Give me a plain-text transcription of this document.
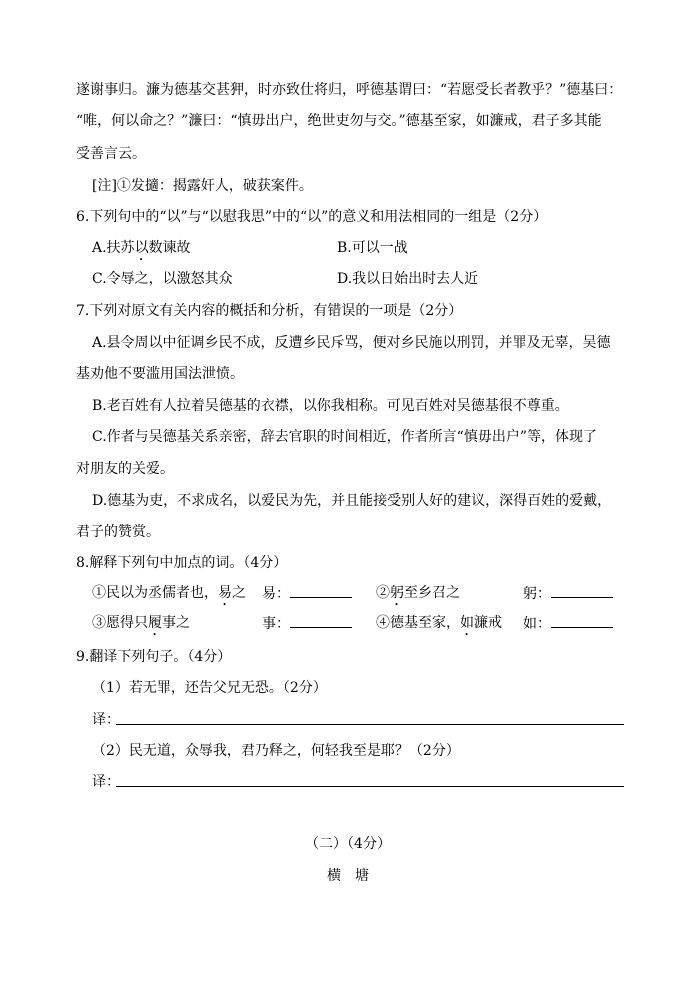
遂谢事归。濂为德基交甚狎，时亦致仕将归，呼德基谓曰：“若愿受长者教乎？”德基曰：
“唯，何以命之？”濂曰：“慎毋出户，绝世吏勿与交。”德基至家，如濂戒，君子多其能
受善言云。
[注]①发擿：揭露奸人，破获案件。
6.下列句中的“以”与“以慰我思”中的“以”的意义和用法相同的一组是（2分）
A.扶苏以数谏故	B.可以一战
C.令辱之，以激怒其众	D.我以日始出时去人近
7.下列对原文有关内容的概括和分析，有错误的一项是（2分）
A.县令周以中征调乡民不成，反遭乡民斥骂，便对乡民施以刑罚，并罪及无辜，吴德
基劝他不要滥用国法泄愤。
B.老百姓有人拉着吴德基的衣襟，以你我相称。可见百姓对吴德基很不尊重。
C.作者与吴德基关系亲密，辞去官职的时间相近，作者所言“慎毋出户”等，体现了
对朋友的关爱。
D.德基为吏，不求成名，以爱民为先，并且能接受别人好的建议，深得百姓的爱戴，
君子的赞赏。
8.解释下列句中加点的词。（4分）
①民以为丞儒者也，易之 易：	②躬至乡召之	躬：
③愿得只履事之	事：	④德基至家，如濂戒 如：
9.翻译下列句子。（4分）
（1）若无罪，还告父兄无恐。（2分）
译：
（2）民无道，众辱我，君乃释之，何轻我至是耶？（2分）
译：
（二）（4分）
横　塘
